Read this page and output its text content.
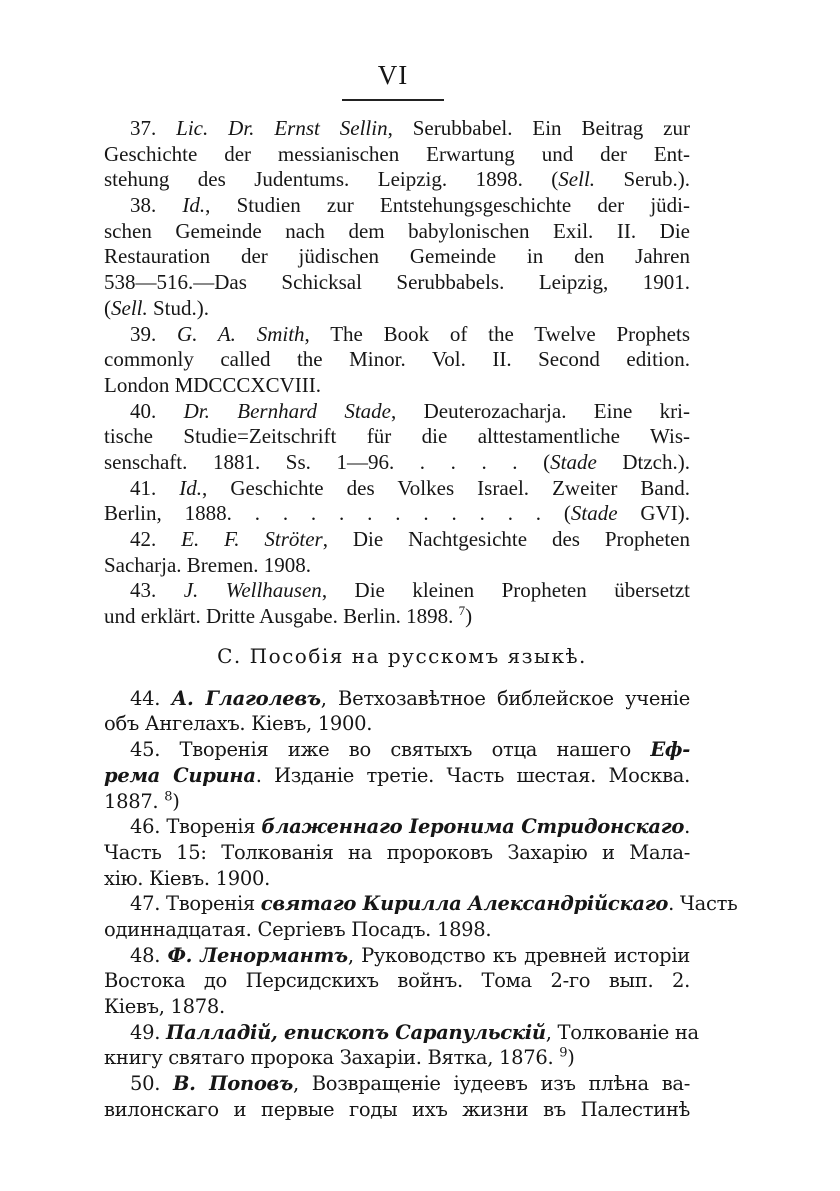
VI
37. Lic. Dr. Ernst Sellin, Serubbabel. Ein Beitrag zur
Geschichte der messianischen Erwartung und der Ent-
stehung des Judentums. Leipzig. 1898. (Sell. Serub.).
38. Id., Studien zur Entstehungsgeschichte der jüdi-
schen Gemeinde nach dem babylonischen Exil. II. Die
Restauration der jüdischen Gemeinde in den Jahren
538—516.—Das Schicksal Serubbabels. Leipzig, 1901.
(Sell. Stud.).
39. G. A. Smith, The Book of the Twelve Prophets
commonly called the Minor. Vol. II. Second edition.
London MDCCCXCVIII.
40. Dr. Bernhard Stade, Deuterozacharja. Eine kri-
tische Studie=Zeitschrift für die alttestamentliche Wis-
senschaft. 1881. Ss. 1—96. . . . . (Stade Dtzch.).
41. Id., Geschichte des Volkes Israel. Zweiter Band.
Berlin, 1888. . . . . . . . . . . . (Stade GVI).
42. E. F. Ströter, Die Nachtgesichte des Propheten
Sacharja. Bremen. 1908.
43. J. Wellhausen, Die kleinen Propheten übersetzt
und erklärt. Dritte Ausgabe. Berlin. 1898. $^7$)
С. Пособія на русскомъ языкѣ.
44. А. Глаголевъ, Ветхозавѣтное библейское ученіе
объ Ангелахъ. Кіевъ, 1900.
45. Творенія иже во святыхъ отца нашего Еф-
рема Сирина. Изданіе третіе. Часть шестая. Москва.
1887. $^8$)
46. Творенія блаженнаго Іеронима Стридонскаго.
Часть 15: Толкованія на пророковъ Захарію и Мала-
хію. Кіевъ. 1900.
47. Творенія святаго Кирилла Александрійскаго. Часть
одиннадцатая. Сергіевъ Посадъ. 1898.
48. Ф. Ленормантъ, Руководство къ древней исторіи
Востока до Персидскихъ войнъ. Тома 2-го вып. 2.
Кіевъ, 1878.
49. Палладій, епископъ Сарапульскій, Толкованіе на
книгу святаго пророка Захаріи. Вятка, 1876. $^9$)
50. В. Поповъ, Возвращеніе іудеевъ изъ плѣна ва-
вилонскаго и первые годы ихъ жизни въ Палестинѣ
